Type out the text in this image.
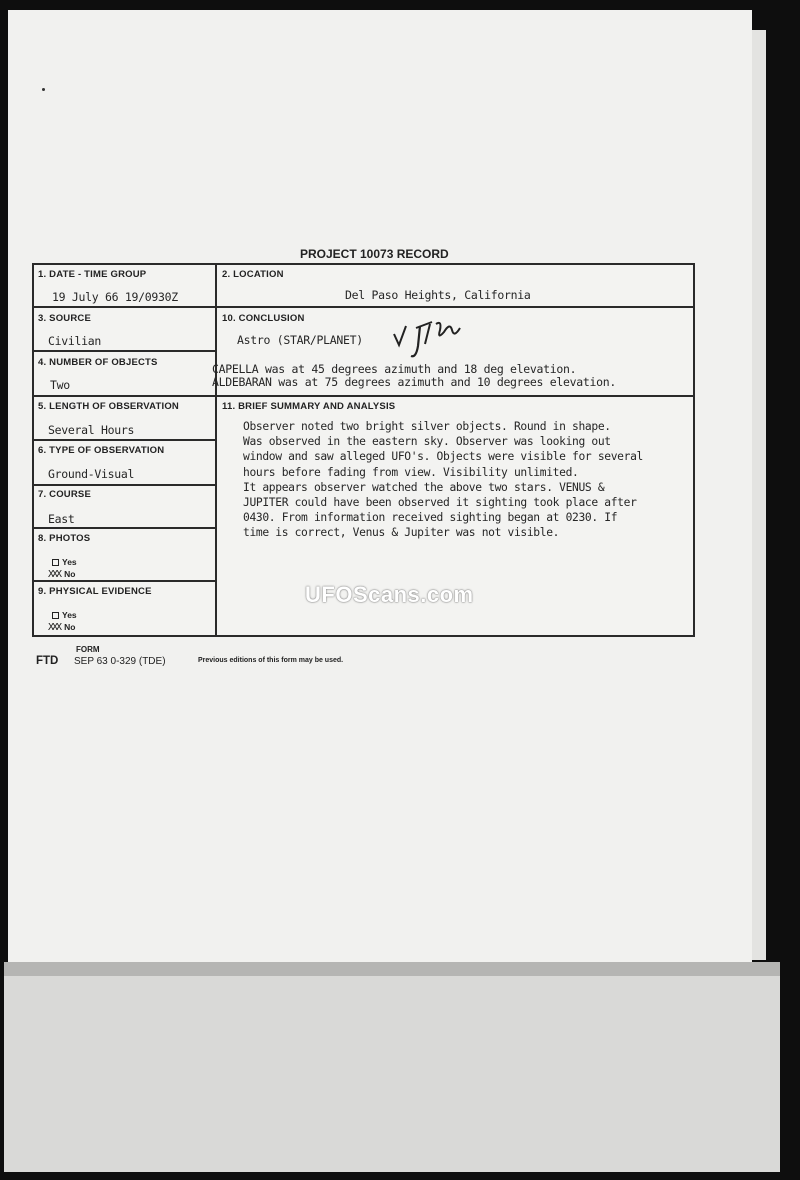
PROJECT 10073 RECORD
1. DATE - TIME GROUP
19 July 66 19/0930Z
2. LOCATION
Del Paso Heights, California
3. SOURCE
Civilian
10. CONCLUSION
Astro (STAR/PLANET)
4. NUMBER OF OBJECTS
Two
CAPELLA was at 45 degrees azimuth and 18 deg elevation.
ALDEBARAN was at 75 degrees azimuth and 10 degrees elevation.
5. LENGTH OF OBSERVATION
Several Hours
11. BRIEF SUMMARY AND ANALYSIS
Observer noted two bright silver objects. Round in shape.
Was observed in the eastern sky. Observer was looking out
window and saw alleged UFO's. Objects were visible for several
hours before fading from view. Visibility unlimited.
It appears observer watched the above two stars. VENUS &
JUPITER could have been observed it sighting took place after
0430. From information received sighting began at 0230. If
time is correct, Venus & Jupiter was not visible.
6. TYPE OF OBSERVATION
Ground-Visual
7. COURSE
East
8. PHOTOS
Yes
XXX No
9. PHYSICAL EVIDENCE
Yes
XXX No
FORM
FTD SEP 63 0-329 (TDE)	Previous editions of this form may be used.
UFOScans.com
